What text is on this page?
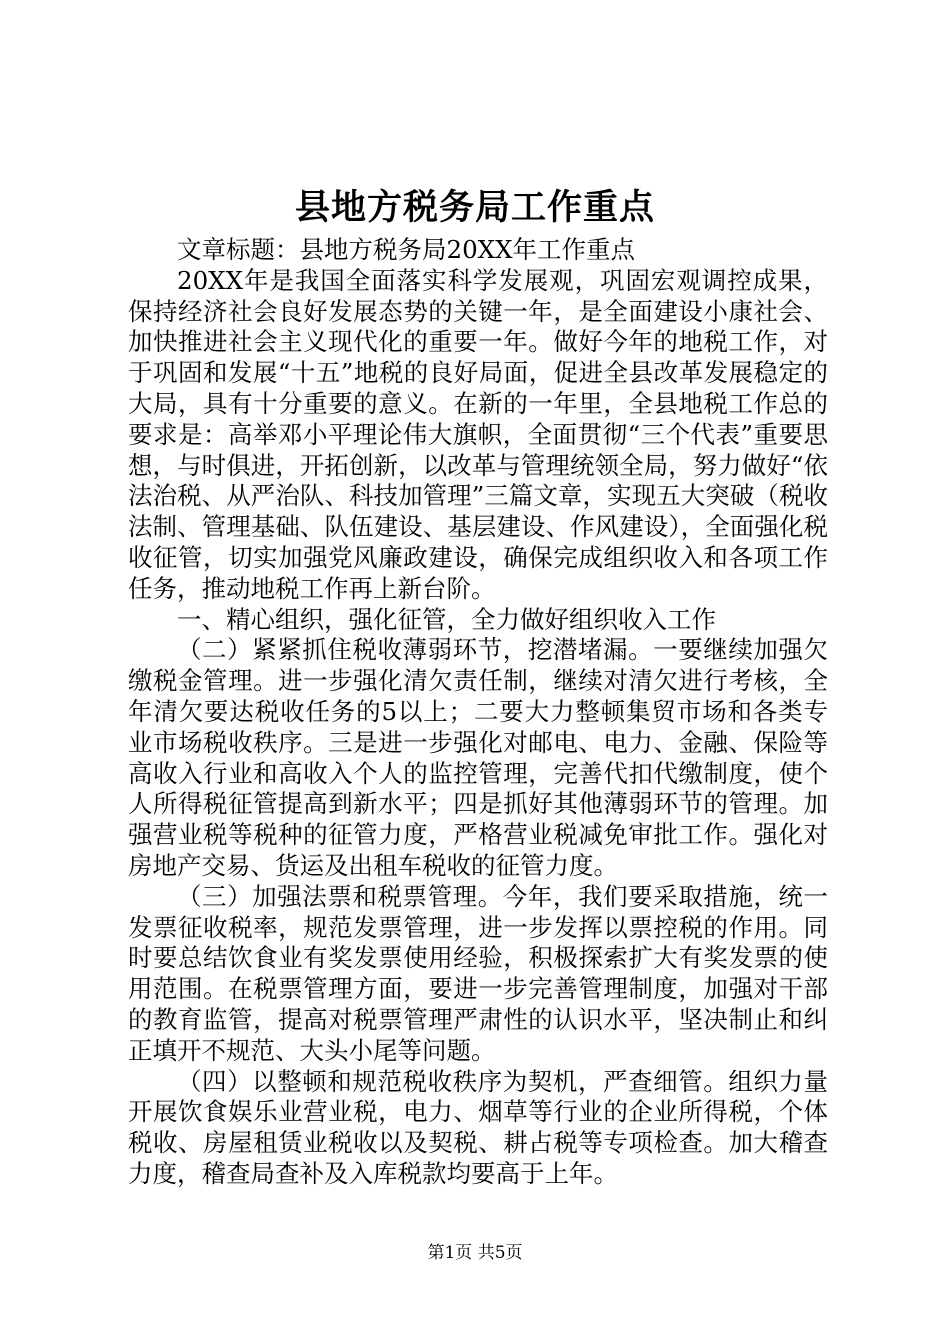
县地方税务局工作重点

文章标题：县地方税务局20XX年工作重点

20XX年是我国全面落实科学发展观，巩固宏观调控成果，保持经济社会良好发展态势的关键一年，是全面建设小康社会、加快推进社会主义现代化的重要一年。做好今年的地税工作，对于巩固和发展“十五”地税的良好局面，促进全县改革发展稳定的大局，具有十分重要的意义。在新的一年里，全县地税工作总的要求是：高举邓小平理论伟大旗帜，全面贯彻“三个代表”重要思想，与时俱进，开拓创新，以改革与管理统领全局，努力做好“依法治税、从严治队、科技加管理”三篇文章，实现五大突破（税收法制、管理基础、队伍建设、基层建设、作风建设），全面强化税收征管，切实加强党风廉政建设，确保完成组织收入和各项工作任务，推动地税工作再上新台阶。

一、精心组织，强化征管，全力做好组织收入工作

（二）紧紧抓住税收薄弱环节，挖潜堵漏。一要继续加强欠缴税金管理。进一步强化清欠责任制，继续对清欠进行考核，全年清欠要达税收任务的5以上；二要大力整顿集贸市场和各类专业市场税收秩序。三是进一步强化对邮电、电力、金融、保险等高收入行业和高收入个人的监控管理，完善代扣代缴制度，使个人所得税征管提高到新水平；四是抓好其他薄弱环节的管理。加强营业税等税种的征管力度，严格营业税减免审批工作。强化对房地产交易、货运及出租车税收的征管力度。

（三）加强法票和税票管理。今年，我们要采取措施，统一发票征收税率，规范发票管理，进一步发挥以票控税的作用。同时要总结饮食业有奖发票使用经验，积极探索扩大有奖发票的使用范围。在税票管理方面，要进一步完善管理制度，加强对干部的教育监管，提高对税票管理严肃性的认识水平，坚决制止和纠正填开不规范、大头小尾等问题。

（四）以整顿和规范税收秩序为契机，严查细管。组织力量开展饮食娱乐业营业税，电力、烟草等行业的企业所得税，个体税收、房屋租赁业税收以及契税、耕占税等专项检查。加大稽查力度，稽查局查补及入库税款均要高于上年。

第1页 共5页
